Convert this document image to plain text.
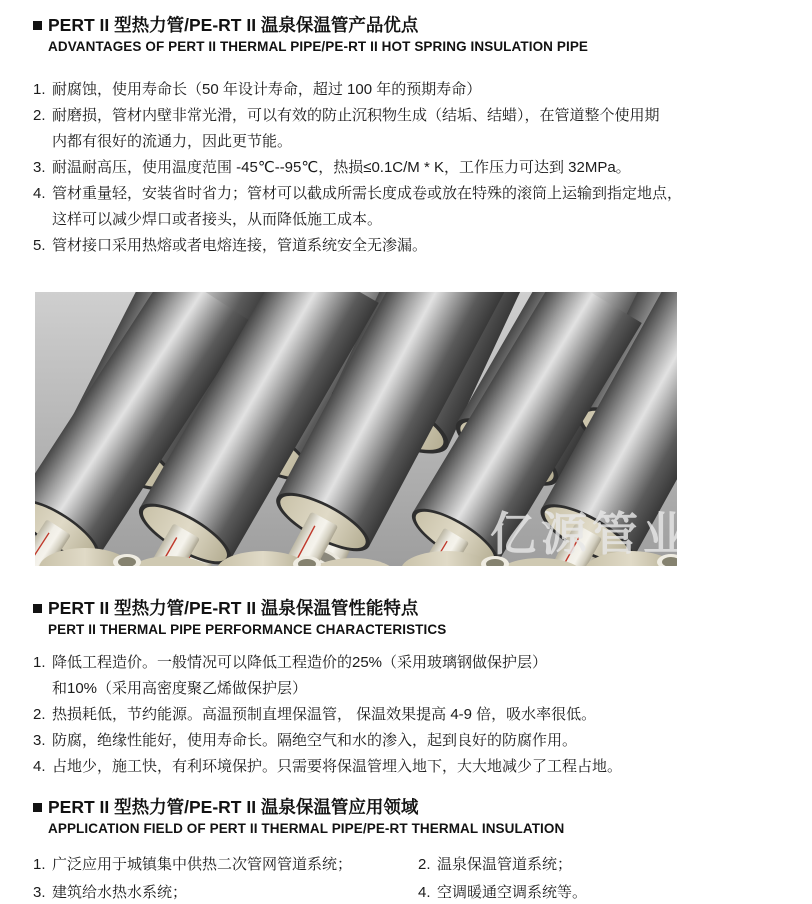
PERT II 型热力管/PE-RT II 温泉保温管产品优点
ADVANTAGES OF PERT II THERMAL PIPE/PE-RT II HOT SPRING INSULATION PIPE
1. 耐腐蚀，使用寿命长（50 年设计寿命，超过 100 年的预期寿命）
2. 耐磨损，管材内壁非常光滑，可以有效的防止沉积物生成（结垢、结蜡），在管道整个使用期
内都有很好的流通力，因此更节能。
3. 耐温耐高压，使用温度范围 -45℃--95℃，热损≤0.1C/M * K，工作压力可达到 32MPa。
4. 管材重量轻，安装省时省力；管材可以截成所需长度成卷或放在特殊的滚筒上运输到指定地点，
这样可以减少焊口或者接头，从而降低施工成本。
5. 管材接口采用热熔或者电熔连接，管道系统安全无渗漏。
亿源管业
PERT II 型热力管/PE-RT II 温泉保温管性能特点
PERT II THERMAL PIPE PERFORMANCE CHARACTERISTICS
1. 降低工程造价。一般情况可以降低工程造价的25%（采用玻璃钢做保护层）
和10%（采用高密度聚乙烯做保护层）
2. 热损耗低，节约能源。高温预制直埋保温管， 保温效果提高 4-9 倍，吸水率很低。
3. 防腐，绝缘性能好，使用寿命长。隔绝空气和水的渗入，起到良好的防腐作用。
4. 占地少，施工快，有利环境保护。只需要将保温管埋入地下，大大地减少了工程占地。
PERT II 型热力管/PE-RT II 温泉保温管应用领域
APPLICATION FIELD OF PERT II THERMAL PIPE/PE-RT THERMAL INSULATION
1. 广泛应用于城镇集中供热二次管网管道系统；	2. 温泉保温管道系统；
3. 建筑给水热水系统；	4. 空调暖通空调系统等。
